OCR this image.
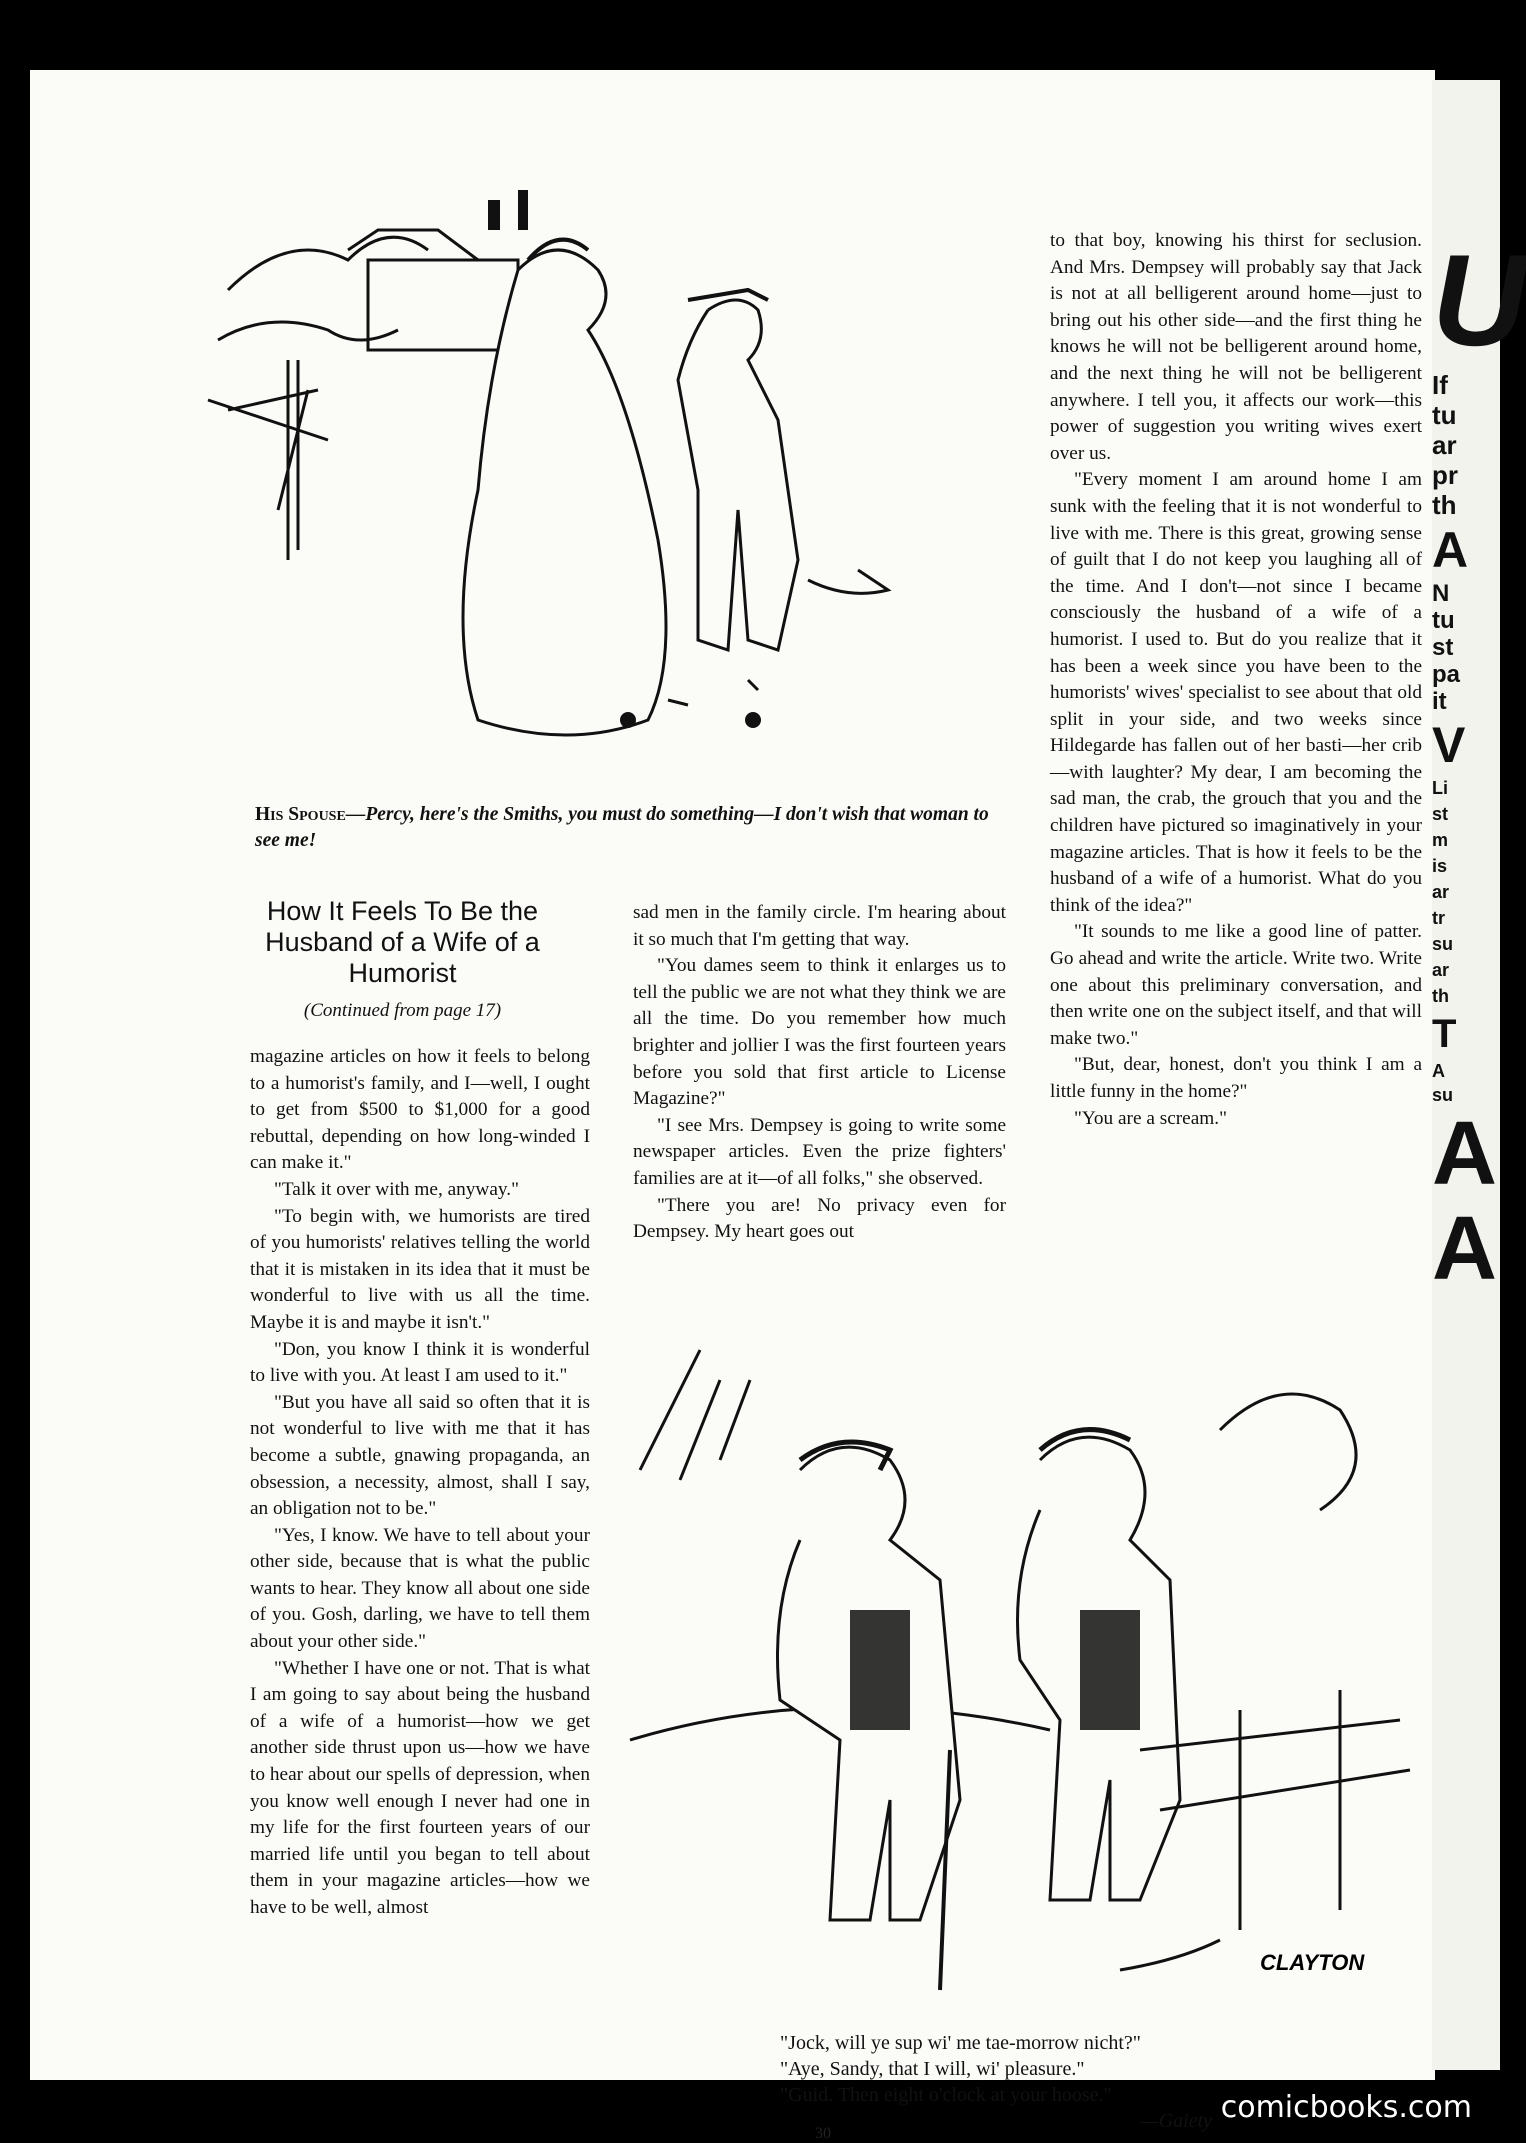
His Spouse—Percy, here's the Smiths, you must do something—I don't wish that woman to see me!
How It Feels To Be the Husband of a Wife of a Humorist
(Continued from page 17)

magazine articles on how it feels to belong to a humorist's family, and I—well, I ought to get from $500 to $1,000 for a good rebuttal, depending on how long-winded I can make it."

"Talk it over with me, anyway."

"To begin with, we humorists are tired of you humorists' relatives telling the world that it is mistaken in its idea that it must be wonderful to live with us all the time. Maybe it is and maybe it isn't."

"Don, you know I think it is wonderful to live with you. At least I am used to it."

"But you have all said so often that it is not wonderful to live with me that it has become a subtle, gnawing propaganda, an obsession, a necessity, almost, shall I say, an obligation not to be."

"Yes, I know. We have to tell about your other side, because that is what the public wants to hear. They know all about one side of you. Gosh, darling, we have to tell them about your other side."

"Whether I have one or not. That is what I am going to say about being the husband of a wife of a humorist—how we get another side thrust upon us—how we have to hear about our spells of depression, when you know well enough I never had one in my life for the first fourteen years of our married life until you began to tell about them in your magazine articles—how we have to be well, almost

sad men in the family circle. I'm hearing about it so much that I'm getting that way.

"You dames seem to think it enlarges us to tell the public we are not what they think we are all the time. Do you remember how much brighter and jollier I was the first fourteen years before you sold that first article to License Magazine?"

"I see Mrs. Dempsey is going to write some newspaper articles. Even the prize fighters' families are at it—of all folks," she observed.

"There you are! No privacy even for Dempsey. My heart goes out

to that boy, knowing his thirst for seclusion. And Mrs. Dempsey will probably say that Jack is not at all belligerent around home—just to bring out his other side—and the first thing he knows he will not be belligerent around home, and the next thing he will not be belligerent anywhere. I tell you, it affects our work—this power of suggestion you writing wives exert over us.

"Every moment I am around home I am sunk with the feeling that it is not wonderful to live with me. There is this great, growing sense of guilt that I do not keep you laughing all of the time. And I don't—not since I became consciously the husband of a wife of a humorist. I used to. But do you realize that it has been a week since you have been to the humorists' wives' specialist to see about that old split in your side, and two weeks since Hildegarde has fallen out of her basti—her crib—with laughter? My dear, I am becoming the sad man, the crab, the grouch that you and the children have pictured so imaginatively in your magazine articles. That is how it feels to be the husband of a wife of a humorist. What do you think of the idea?"

"It sounds to me like a good line of patter. Go ahead and write the article. Write two. Write one about this preliminary conversation, and then write one on the subject itself, and that will make two."

"But, dear, honest, don't you think I am a little funny in the home?"

"You are a scream."

CLAYTON

"Jock, will ye sup wi' me tae-morrow nicht?"

"Aye, Sandy, that I will, wi' pleasure."

"Guid. Then eight o'clock at your hoose."

—Gaiety

30
U
If
tu
ar
pr
th
A
N
tu
st
pa
it
V
Li
st
m
is
ar
tr
su
ar
th
T
A
su
A
A
comicbooks.com
